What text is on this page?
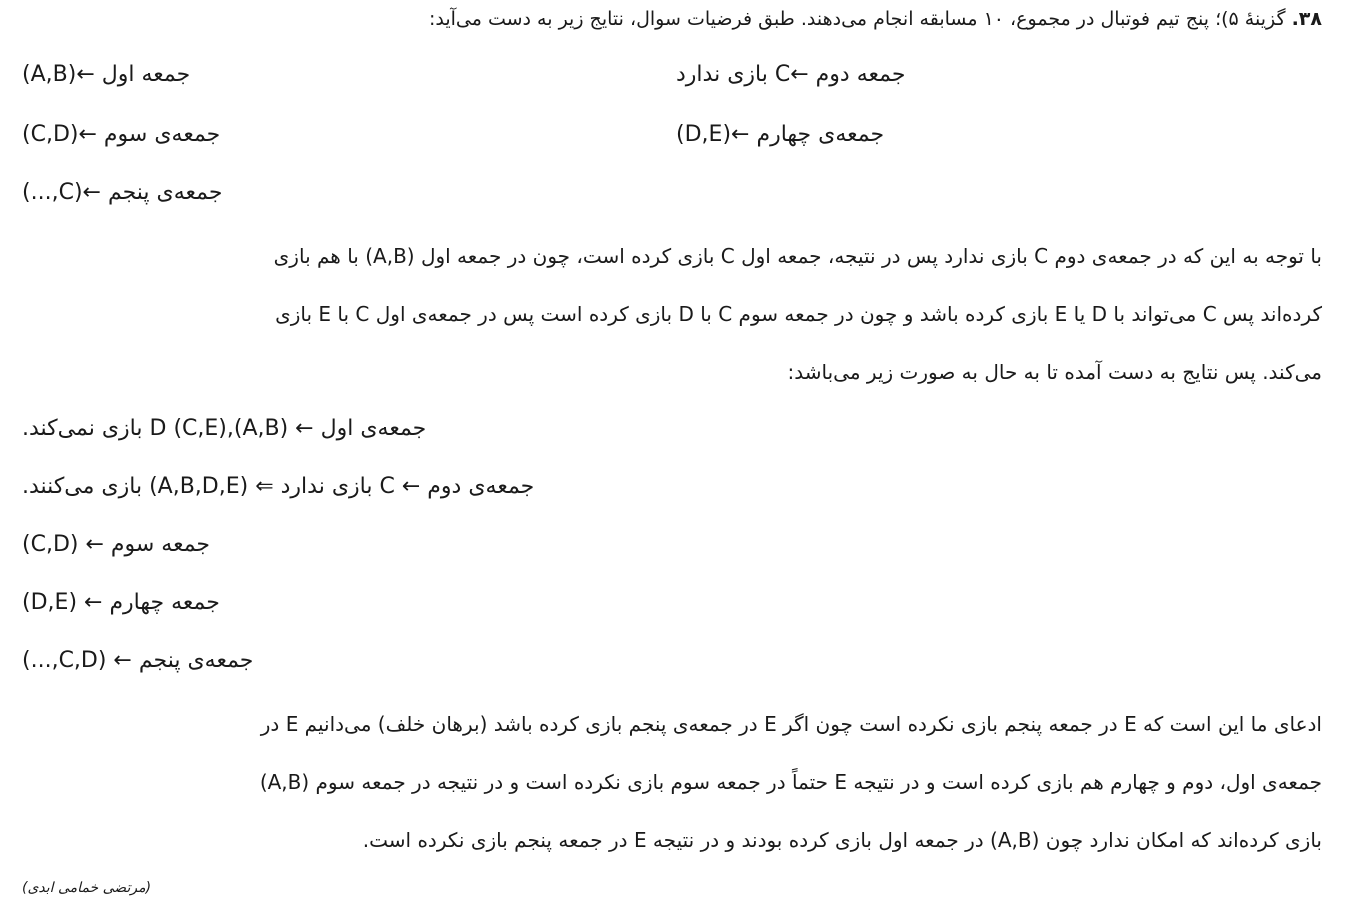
۳۸. گزینهٔ ۵)؛ پنج تیم فوتبال در مجموع، ۱۰ مسابقه انجام می‌دهند. طبق فرضیات سوال، نتایج زیر به دست می‌آید:
جمعه اول ←(A,B)
جمعه‌ی سوم ←(C,D)
جمعه‌ی پنجم ←(C,...)
جمعه دوم ←C بازی ندارد
جمعه‌ی چهارم ←(D,E)
با توجه به این که در جمعه‌ی دوم C بازی ندارد پس در نتیجه، جمعه اول C بازی کرده است، چون در جمعه اول (A,B) با هم بازی
کرده‌اند پس C می‌تواند با D یا E بازی کرده باشد و چون در جمعه سوم C با D بازی کرده است پس در جمعه‌ی اول C با E بازی
می‌کند. پس نتایج به دست آمده تا به حال به صورت زیر می‌باشد:
جمعه‌ی اول ← (A,B),(C,E) D بازی نمی‌کند.
جمعه‌ی دوم ← C بازی ندارد ⇐ (A,B,D,E) بازی می‌کنند.
جمعه سوم ← (C,D)
جمعه چهارم ← (D,E)
جمعه‌ی پنجم ← (C,D,...)
ادعای ما این است که E در جمعه پنجم بازی نکرده است چون اگر E در جمعه‌ی پنجم بازی کرده باشد (برهان خلف) می‌دانیم E در
جمعه‌ی اول، دوم و چهارم هم بازی کرده است و در نتیجه E حتماً در جمعه سوم بازی نکرده است و در نتیجه در جمعه سوم (A,B)
بازی کرده‌اند که امکان ندارد چون (A,B) در جمعه اول بازی کرده بودند و در نتیجه E در جمعه پنجم بازی نکرده است.
(مرتضی خمامی ابدی)
